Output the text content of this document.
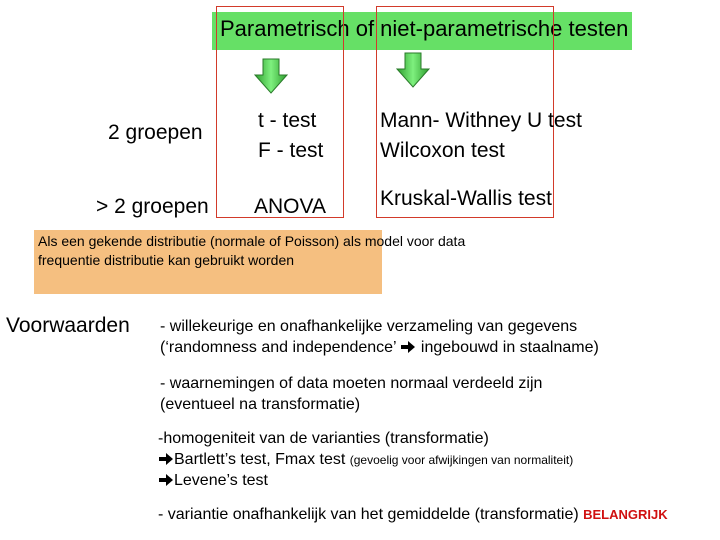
Parametrisch of niet-parametrische testen
2 groepen
t - test
F - test
Mann- Withney U test
Wilcoxon test
> 2 groepen ANOVA	Kruskal-Wallis test
Als een gekende distributie (normale of Poisson) als model voor data frequentie distributie kan gebruikt worden
Voorwaarden - willekeurige en onafhankelijke verzameling van gegevens
(‘randomness and independence’  ingebouwd in staalname)
- waarnemingen of data moeten normaal verdeeld zijn
(eventueel na transformatie)
-homogeniteit van de varianties (transformatie)
Bartlett’s test, Fmax test (gevoelig voor afwijkingen van normaliteit)
Levene’s test
- variantie onafhankelijk van het gemiddelde (transformatie) BELANGRIJK
